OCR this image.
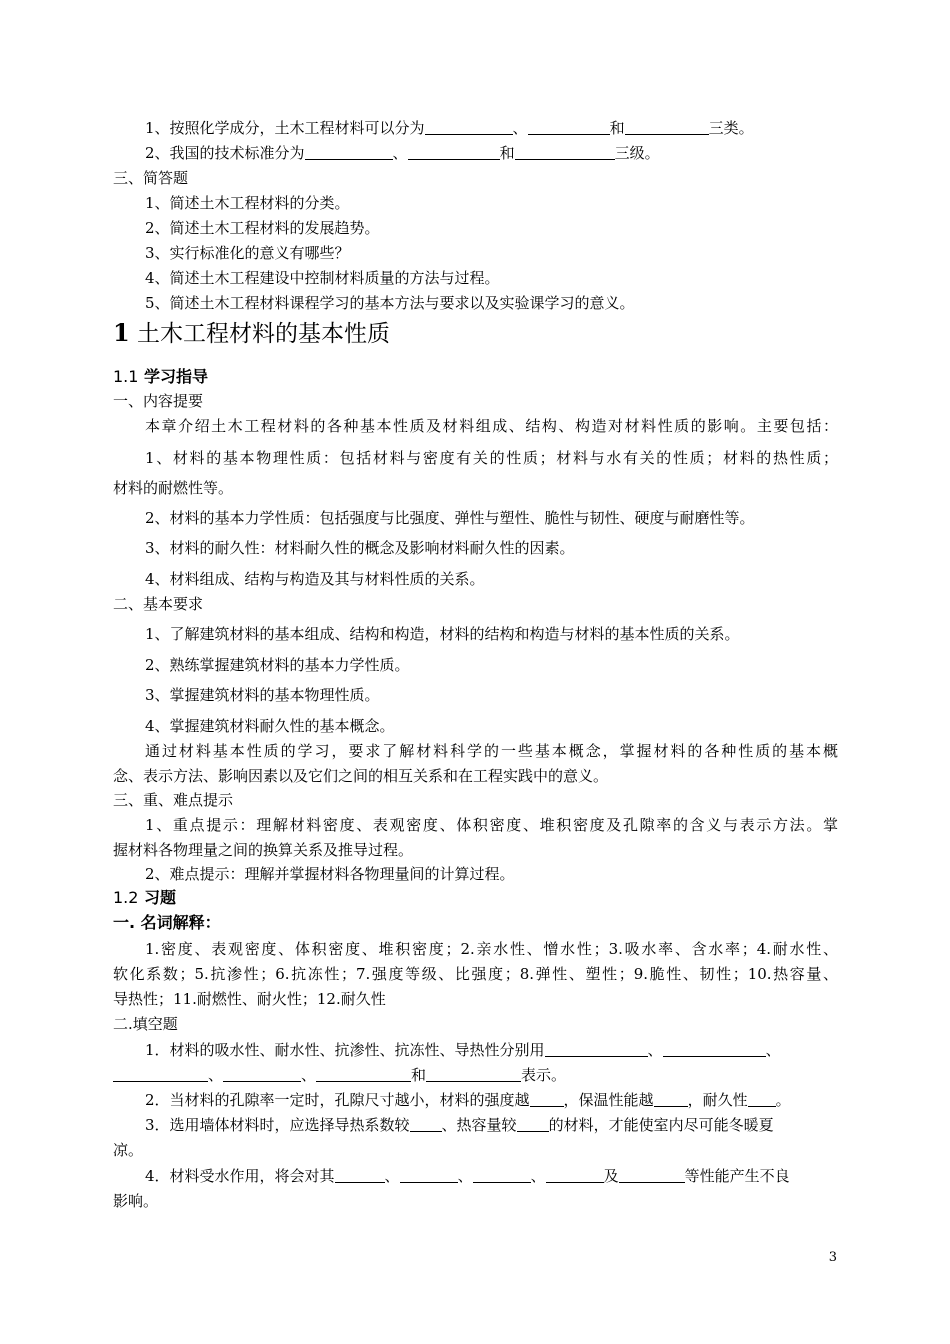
1、按照化学成分，土木工程材料可以分为	、	和	三类。
2、我国的技术标准分为	、	和	三级。
三、简答题
1、简述土木工程材料的分类。
2、简述土木工程材料的发展趋势。
3、实行标准化的意义有哪些？
4、简述土木工程建设中控制材料质量的方法与过程。
5、简述土木工程材料课程学习的基本方法与要求以及实验课学习的意义。
1 土木工程材料的基本性质
1.1 学习指导
一、内容提要
本章介绍土木工程材料的各种基本性质及材料组成、结构、构造对材料性质的影响。主要包括：
1、材料的基本物理性质：包括材料与密度有关的性质；材料与水有关的性质；材料的热性质；
材料的耐燃性等。
2、材料的基本力学性质：包括强度与比强度、弹性与塑性、脆性与韧性、硬度与耐磨性等。
3、材料的耐久性：材料耐久性的概念及影响材料耐久性的因素。
4、材料组成、结构与构造及其与材料性质的关系。
二、基本要求
1、了解建筑材料的基本组成、结构和构造，材料的结构和构造与材料的基本性质的关系。
2、熟练掌握建筑材料的基本力学性质。
3、掌握建筑材料的基本物理性质。
4、掌握建筑材料耐久性的基本概念。
通过材料基本性质的学习，要求了解材料科学的一些基本概念，掌握材料的各种性质的基本概
念、表示方法、影响因素以及它们之间的相互关系和在工程实践中的意义。
三、重、难点提示
1、重点提示：理解材料密度、表观密度、体积密度、堆积密度及孔隙率的含义与表示方法。掌
握材料各物理量之间的换算关系及推导过程。
2、难点提示：理解并掌握材料各物理量间的计算过程。
1.2 习题
一. 名词解释：
1.密度、表观密度、体积密度、堆积密度；2.亲水性、憎水性；3.吸水率、含水率；4.耐水性、
软化系数；5.抗渗性；6.抗冻性；7.强度等级、比强度；8.弹性、塑性；9.脆性、韧性；10.热容量、
导热性；11.耐燃性、耐火性；12.耐久性
二.填空题
1．材料的吸水性、耐水性、抗渗性、抗冻性、导热性分别用	、	、
、	、	和	表示。
2．当材料的孔隙率一定时，孔隙尺寸越小，材料的强度越 ，保温性能越 ，耐久性 。
3．选用墙体材料时，应选择导热系数较 、热容量较 的材料，才能使室内尽可能冬暖夏
凉。
4．材料受水作用，将会对其	、	、	、	及	等性能产生不良
影响。
3
